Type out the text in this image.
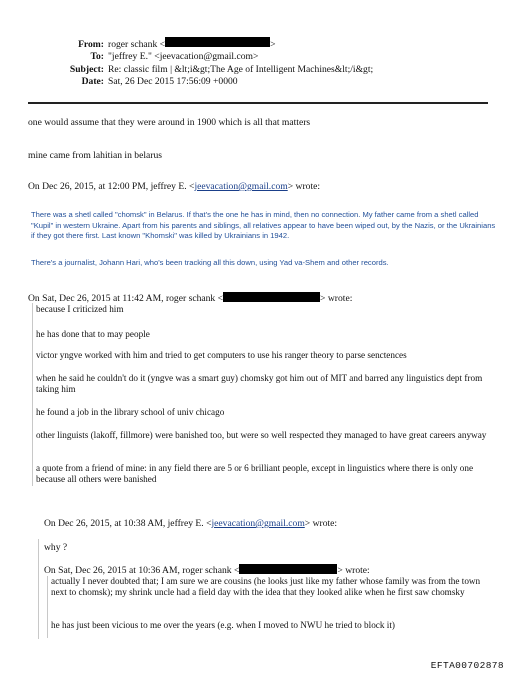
From: roger schank <	>
To: "jeffrey E." <jeevacation@gmail.com>
Subject: Re: classic film | &lt;i&gt;The Age of Intelligent Machines&lt;/i&gt;
Date: Sat, 26 Dec 2015 17:56:09 +0000
one would assume that they were around in 1900 which is all that matters
mine came from lahitian in belarus
On Dec 26, 2015, at 12:00 PM, jeffrey E. <jeevacation@gmail.com> wrote:
There was a shetl called "chomsk" in Belarus. If that's the one he has in mind, then no connection. My father came from a shetl called "Kupil" in western Ukraine. Apart from his parents and siblings, all relatives appear to have been wiped out, by the Nazis, or the Ukrainians if they got there first. Last known "Khomski" was killed by Ukrainians in 1942.
There's a journalist, Johann Hari, who's been tracking all this down, using Yad va-Shem and other records.
On Sat, Dec 26, 2015 at 11:42 AM, roger schank <	> wrote:
because I criticized him
he has done that to may people
victor yngve worked with him and tried to get computers to use his ranger theory to parse senctences
when he said he couldn't do it (yngve was a smart guy) chomsky got him out of MIT and barred any linguistics dept from taking him
he found a job in the library school of univ chicago
other linguists (lakoff, fillmore) were banished too, but were so well respected they managed to have great careers anyway
a quote from a friend of mine: in any field there are 5 or 6 brilliant people, except in linguistics where there is only one because all others were banished
On Dec 26, 2015, at 10:38 AM, jeffrey E. <jeevacation@gmail.com> wrote:
why ?
On Sat, Dec 26, 2015 at 10:36 AM, roger schank <	> wrote:
actually I never doubted that; I am sure we are cousins (he looks just like my father whose family was from the town next to chomsk); my shrink uncle had a field day with the idea that they looked alike when he first saw chomsky
he has just been vicious to me over the years (e.g. when I moved to NWU he tried to block it)
EFTA00702878
